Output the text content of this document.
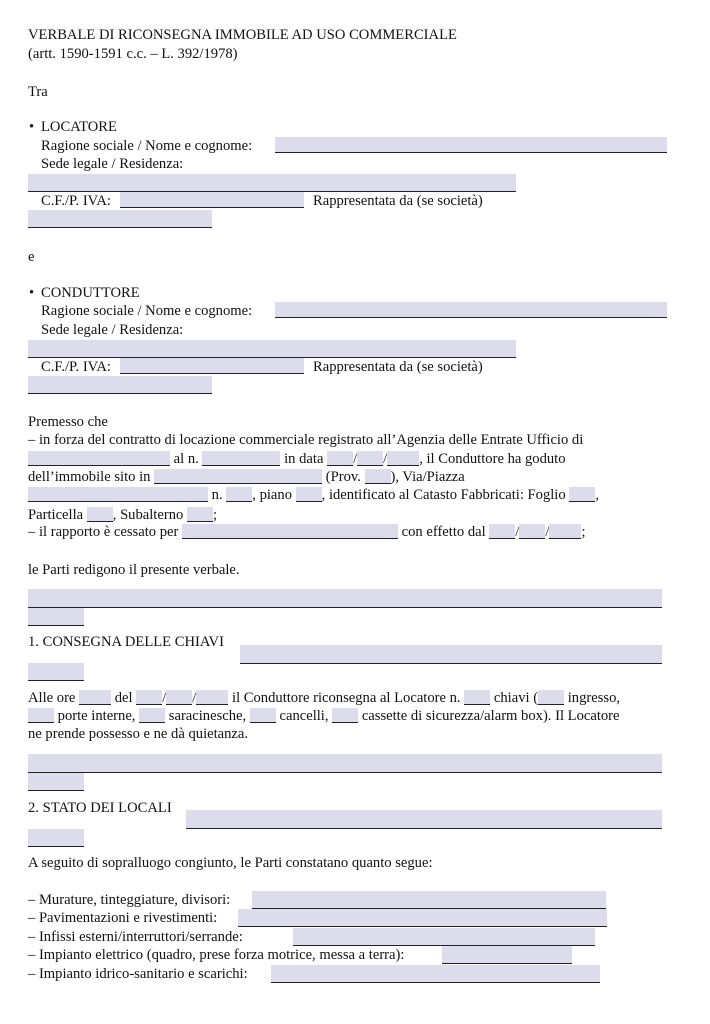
VERBALE DI RICONSEGNA IMMOBILE AD USO COMMERCIALE
(artt. 1590-1591 c.c. – L. 392/1978)
Tra
• LOCATORE
Ragione sociale / Nome e cognome:
Sede legale / Residenza:
C.F./P. IVA:	Rappresentata da (se società)
e
• CONDUTTORE
Ragione sociale / Nome e cognome:
Sede legale / Residenza:
C.F./P. IVA:	Rappresentata da (se società)
Premesso che
– in forza del contratto di locazione commerciale registrato all’Agenzia delle Entrate Ufficio di
al n.	in data / / , il Conduttore ha goduto
dell’immobile sito in	(Prov. ), Via/Piazza
n. , piano , identificato al Catasto Fabbricati: Foglio ,
Particella , Subalterno ;
– il rapporto è cessato per	con effetto dal / / ;
le Parti redigono il presente verbale.
1. CONSEGNA DELLE CHIAVI
Alle ore	del / / il Conduttore riconsegna al Locatore n. chiavi ( ingresso,
porte interne, saracinesche, cancelli, cassette di sicurezza/alarm box). Il Locatore
ne prende possesso e ne dà quietanza.
2. STATO DEI LOCALI
A seguito di sopralluogo congiunto, le Parti constatano quanto segue:
– Murature, tinteggiature, divisori:
– Pavimentazioni e rivestimenti:
– Infissi esterni/interruttori/serrande:
– Impianto elettrico (quadro, prese forza motrice, messa a terra):
– Impianto idrico-sanitario e scarichi:
